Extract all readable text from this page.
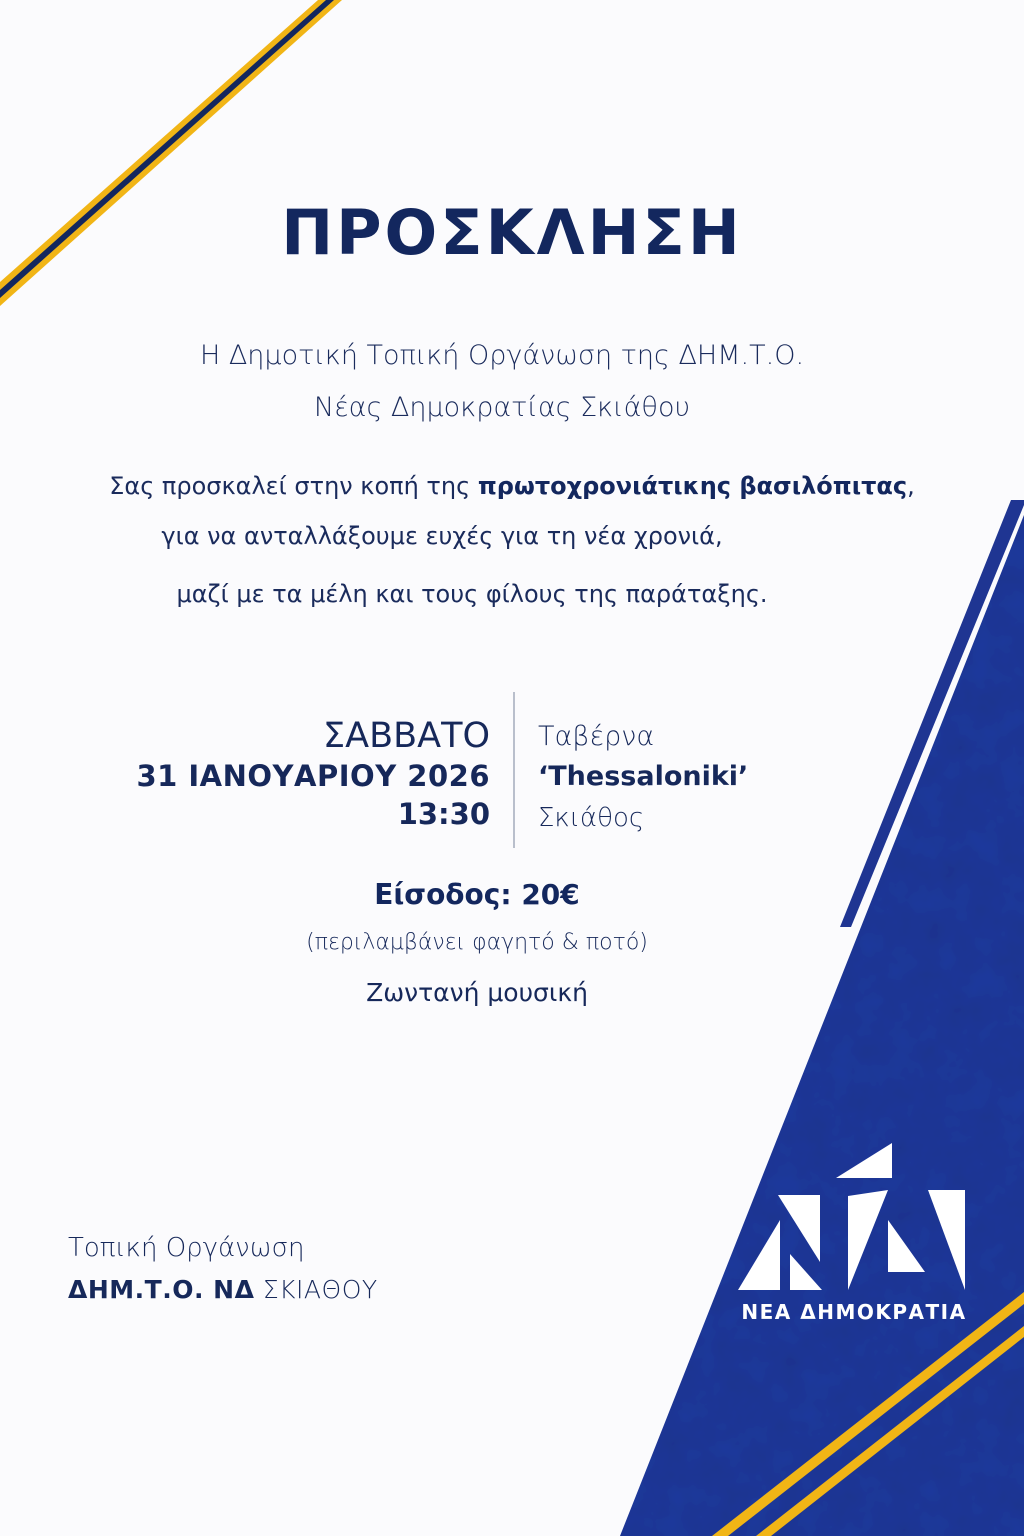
ΠΡΟΣΚΛΗΣΗ
Η Δημοτική Τοπική Οργάνωση της ΔΗΜ.Τ.Ο.
Νέας Δημοκρατίας Σκιάθου
Σας προσκαλεί στην κοπή της πρωτοχρονιάτικης βασιλόπιτας,
για να ανταλλάξουμε ευχές για τη νέα χρονιά,
μαζί με τα μέλη και τους φίλους της παράταξης.
ΣΑΒΒΑΤΟ
31 ΙΑΝΟΥΑΡΙΟΥ 2026
13:30
Ταβέρνα
‘Thessaloniki’
Σκιάθος
Είσοδος: 20€
(περιλαμβάνει φαγητό & ποτό)
Ζωντανή μουσική
Τοπική Οργάνωση
ΔΗΜ.Τ.Ο. ΝΔ ΣΚΙΑΘΟΥ
ΝΕΑ ΔΗΜΟΚΡΑΤΙΑ
